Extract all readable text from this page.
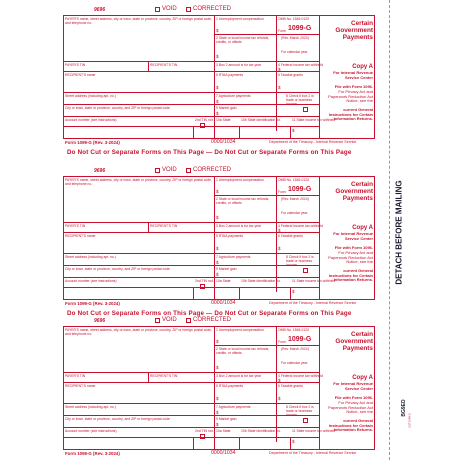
9696	VOID	CORRECTED
PAYER'S name, street address, city or town, state or province, country, ZIP or foreign postal code, and telephone no.
1 Unemployment compensation
$
OMB No. 1545-0120
Form 1099-G
(Rev. March 2024)
For calendar year
2 State or local income tax refunds, credits, or offsets
$
Certain Government Payments
PAYER'S TIN	RECIPIENT'S TIN	3 Box 2 amount is for tax year	4 Federal income tax withheld
$	Copy A
For Internal Revenue Service Center
File with Form 1096.
For Privacy Act and Paperwork Reduction Act Notice, see the
current General Instructions for Certain Information Returns.
RECIPIENT'S name	5 RTAA payments
$
6 Taxable grants
$
Street address (including apt. no.)	7 Agriculture payments
$
8 Check if box 2 is trade or business income
City or town, state or province, country, and ZIP or foreign postal code	9 Market gain
$
Account number (see instructions)	2nd TIN not. 10a State	10b State identification no.	11 State income tax withheld
$
Form 1099-G (Rev. 3-2024)	0000/1034	Department of the Treasury - Internal Revenue Service
Do Not Cut or Separate Forms on This Page — Do Not Cut or Separate Forms on This Page
9696	VOID	CORRECTED
PAYER'S name, street address, city or town, state or province, country, ZIP or foreign postal code, and telephone no.
1 Unemployment compensation
$
OMB No. 1545-0120
Form 1099-G
(Rev. March 2024)
For calendar year
2 State or local income tax refunds, credits, or offsets
$
Certain Government Payments
PAYER'S TIN	RECIPIENT'S TIN	3 Box 2 amount is for tax year	4 Federal income tax withheld
$	Copy A
For Internal Revenue Service Center
File with Form 1096.
For Privacy Act and Paperwork Reduction Act Notice, see the
current General Instructions for Certain Information Returns.
RECIPIENT'S name	5 RTAA payments
$
6 Taxable grants
$
Street address (including apt. no.)	7 Agriculture payments
$
8 Check if box 2 is trade or business income
City or town, state or province, country, and ZIP or foreign postal code	9 Market gain
$
Account number (see instructions)	2nd TIN not. 10a State	10b State identification no.	11 State income tax withheld
$
Form 1099-G (Rev. 3-2024)	0000/1034	Department of the Treasury - Internal Revenue Service
Do Not Cut or Separate Forms on This Page — Do Not Cut or Separate Forms on This Page
9696	VOID	CORRECTED
PAYER'S name, street address, city or town, state or province, country, ZIP or foreign postal code, and telephone no.
1 Unemployment compensation
$
OMB No. 1545-0120
Form 1099-G
(Rev. March 2024)
For calendar year
2 State or local income tax refunds, credits, or offsets
$
Certain Government Payments
PAYER'S TIN	RECIPIENT'S TIN	3 Box 2 amount is for tax year	4 Federal income tax withheld
$	Copy A
For Internal Revenue Service Center
File with Form 1096.
For Privacy Act and Paperwork Reduction Act Notice, see the
current General Instructions for Certain Information Returns.
RECIPIENT'S name	5 RTAA payments
$
6 Taxable grants
$
Street address (including apt. no.)	7 Agriculture payments
$
8 Check if box 2 is trade or business income
City or town, state or province, country, and ZIP or foreign postal code	9 Market gain
$
Account number (see instructions)	2nd TIN not. 10a State	10b State identification no.	11 State income tax withheld
$
Form 1099-G (Rev. 3-2024)	0000/1034	Department of the Treasury - Internal Revenue Service
DETACH BEFORE MAILING
BG9ED
CUT 1099-G
